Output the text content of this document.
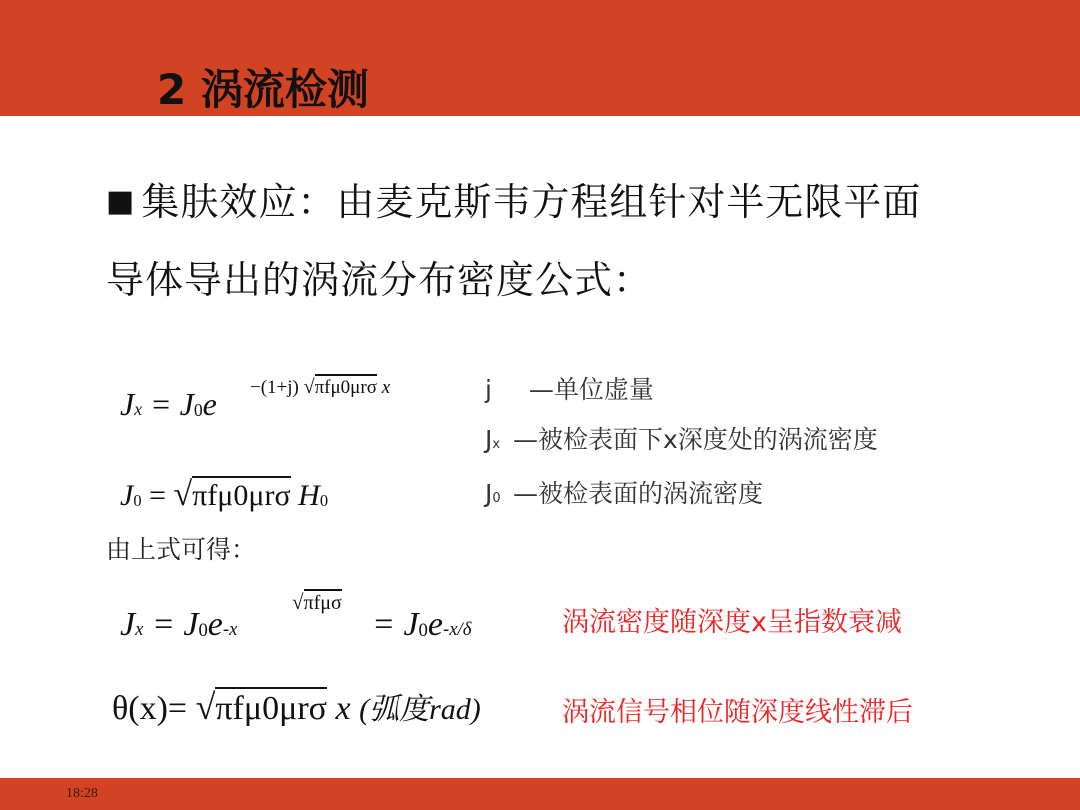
2 涡流检测
■ 集肤效应：由麦克斯韦方程组针对半无限平面
导体导出的涡流分布密度公式：
Jx = J0e −(1+j) √πfμ0μrσ x
J0 = √πfμ0μrσ H0
j —单位虚量
Jx —被检表面下x深度处的涡流密度
J0 —被检表面的涡流密度
由上式可得：
Jx = J0e-x
√πfμσ
= J0e-x/δ	涡流密度随深度x呈指数衰减
θ(x)= √πfμ0μrσ x (弧度rad)	涡流信号相位随深度线性滞后
18:28
